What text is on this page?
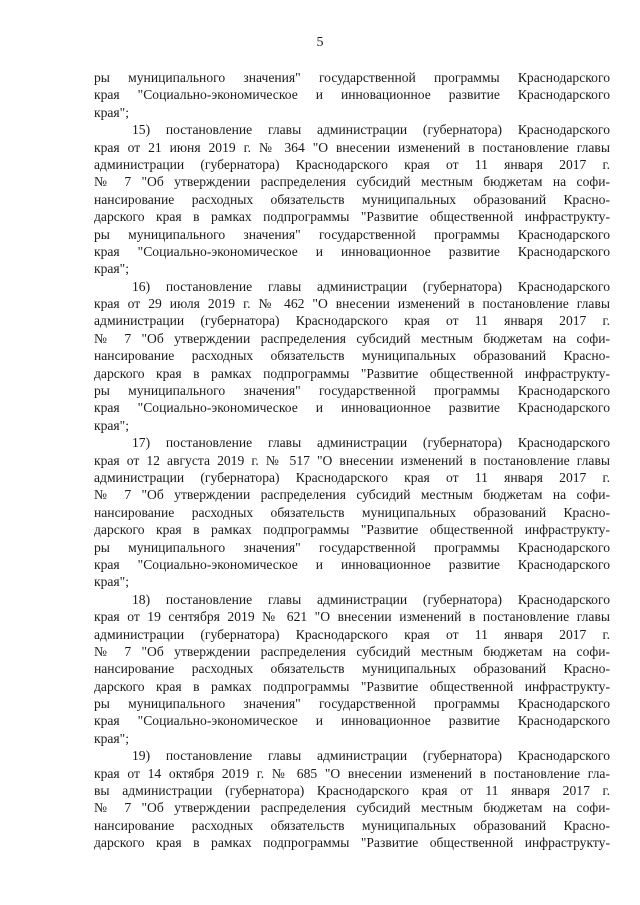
5
ры муниципального значения" государственной программы Краснодарского
края "Социально-экономическое и инновационное развитие Краснодарского
края";
15) постановление главы администрации (губернатора) Краснодарского
края от 21 июня 2019 г. № 364 "О внесении изменений в постановление главы
администрации (губернатора) Краснодарского края от 11 января 2017 г.
№ 7 "Об утверждении распределения субсидий местным бюджетам на софи-
нансирование расходных обязательств муниципальных образований Красно-
дарского края в рамках подпрограммы "Развитие общественной инфраструкту-
ры муниципального значения" государственной программы Краснодарского
края "Социально-экономическое и инновационное развитие Краснодарского
края";
16) постановление главы администрации (губернатора) Краснодарского
края от 29 июля 2019 г. № 462 "О внесении изменений в постановление главы
администрации (губернатора) Краснодарского края от 11 января 2017 г.
№ 7 "Об утверждении распределения субсидий местным бюджетам на софи-
нансирование расходных обязательств муниципальных образований Красно-
дарского края в рамках подпрограммы "Развитие общественной инфраструкту-
ры муниципального значения" государственной программы Краснодарского
края "Социально-экономическое и инновационное развитие Краснодарского
края";
17) постановление главы администрации (губернатора) Краснодарского
края от 12 августа 2019 г. № 517 "О внесении изменений в постановление главы
администрации (губернатора) Краснодарского края от 11 января 2017 г.
№ 7 "Об утверждении распределения субсидий местным бюджетам на софи-
нансирование расходных обязательств муниципальных образований Красно-
дарского края в рамках подпрограммы "Развитие общественной инфраструкту-
ры муниципального значения" государственной программы Краснодарского
края "Социально-экономическое и инновационное развитие Краснодарского
края";
18) постановление главы администрации (губернатора) Краснодарского
края от 19 сентября 2019 № 621 "О внесении изменений в постановление главы
администрации (губернатора) Краснодарского края от 11 января 2017 г.
№ 7 "Об утверждении распределения субсидий местным бюджетам на софи-
нансирование расходных обязательств муниципальных образований Красно-
дарского края в рамках подпрограммы "Развитие общественной инфраструкту-
ры муниципального значения" государственной программы Краснодарского
края "Социально-экономическое и инновационное развитие Краснодарского
края";
19) постановление главы администрации (губернатора) Краснодарского
края от 14 октября 2019 г. № 685 "О внесении изменений в постановление гла-
вы администрации (губернатора) Краснодарского края от 11 января 2017 г.
№ 7 "Об утверждении распределения субсидий местным бюджетам на софи-
нансирование расходных обязательств муниципальных образований Красно-
дарского края в рамках подпрограммы "Развитие общественной инфраструкту-
